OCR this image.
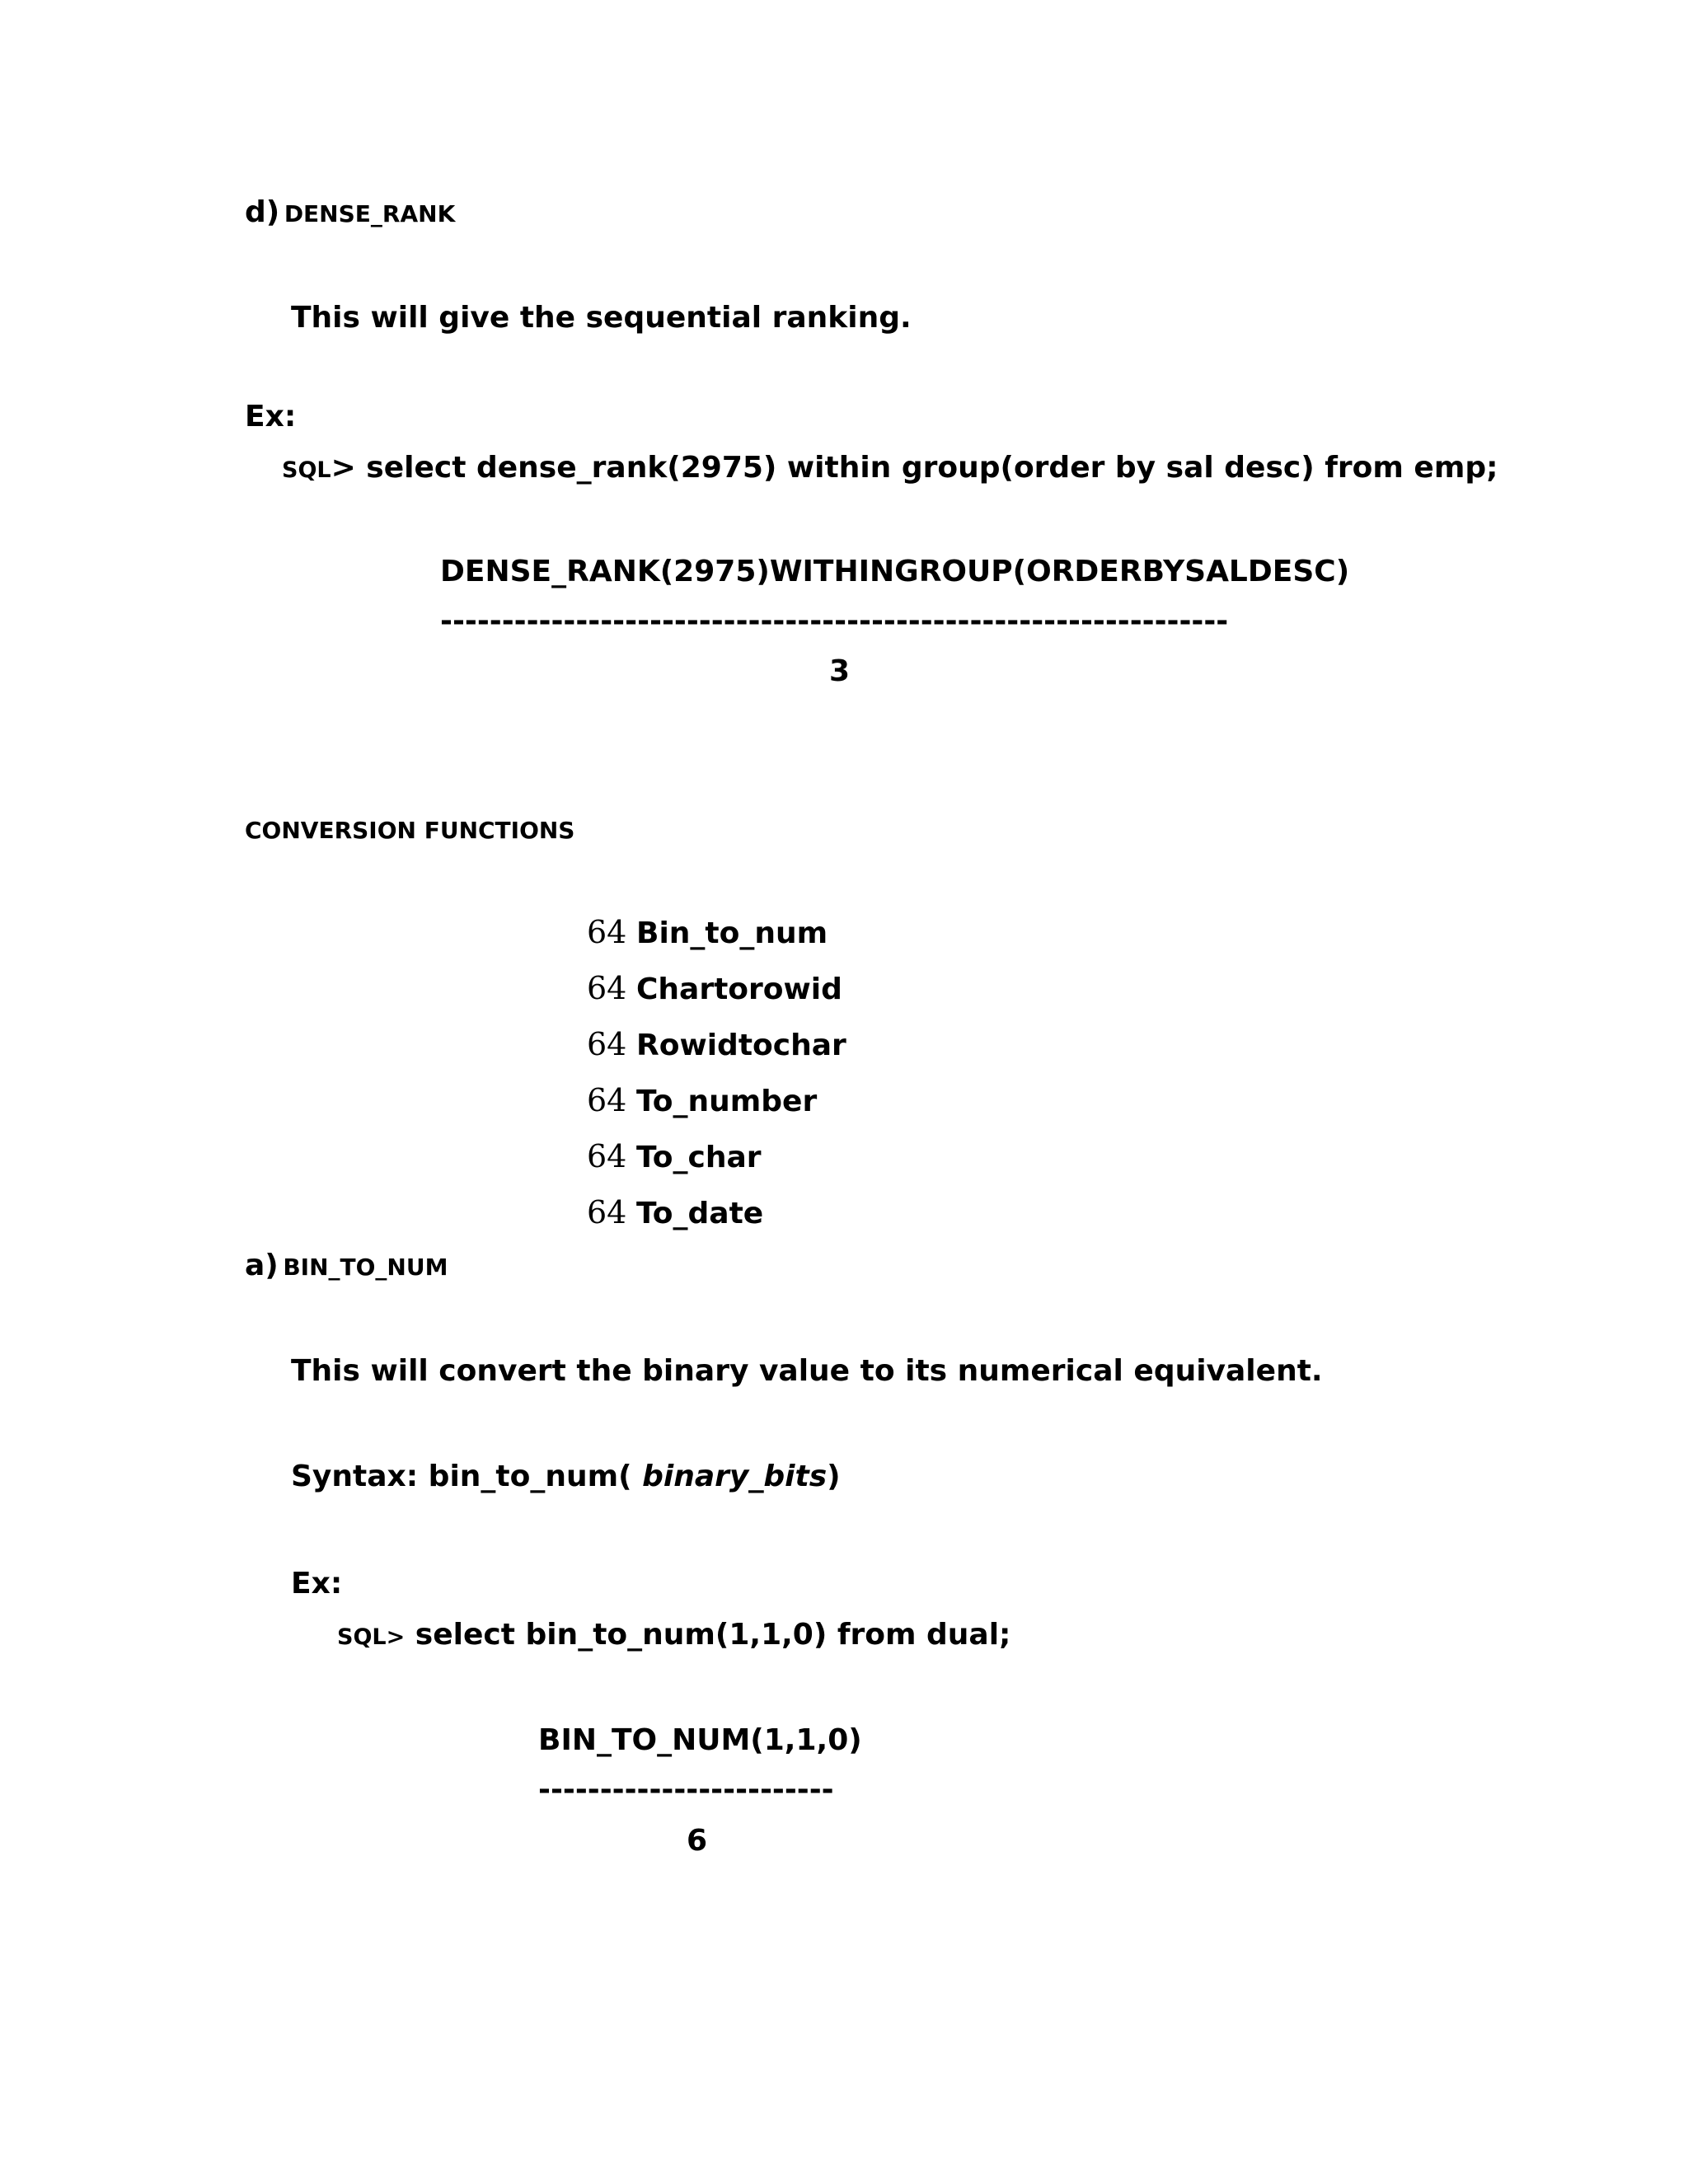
d) DENSE_RANK
This will give the sequential ranking.
Ex:
SQL> select dense_rank(2975) within group(order by sal desc) from emp;
DENSE_RANK(2975)WITHINGROUP(ORDERBYSALDESC)
----------------------------------------------------------------
3
CONVERSION FUNCTIONS
64 Bin_to_num
64 Chartorowid
64 Rowidtochar
64 To_number
64 To_char
64 To_date
a) BIN_TO_NUM
This will convert the binary value to its numerical equivalent.
Syntax: bin_to_num( binary_bits)
Ex:
SQL> select bin_to_num(1,1,0) from dual;
BIN_TO_NUM(1,1,0)
------------------------
6
